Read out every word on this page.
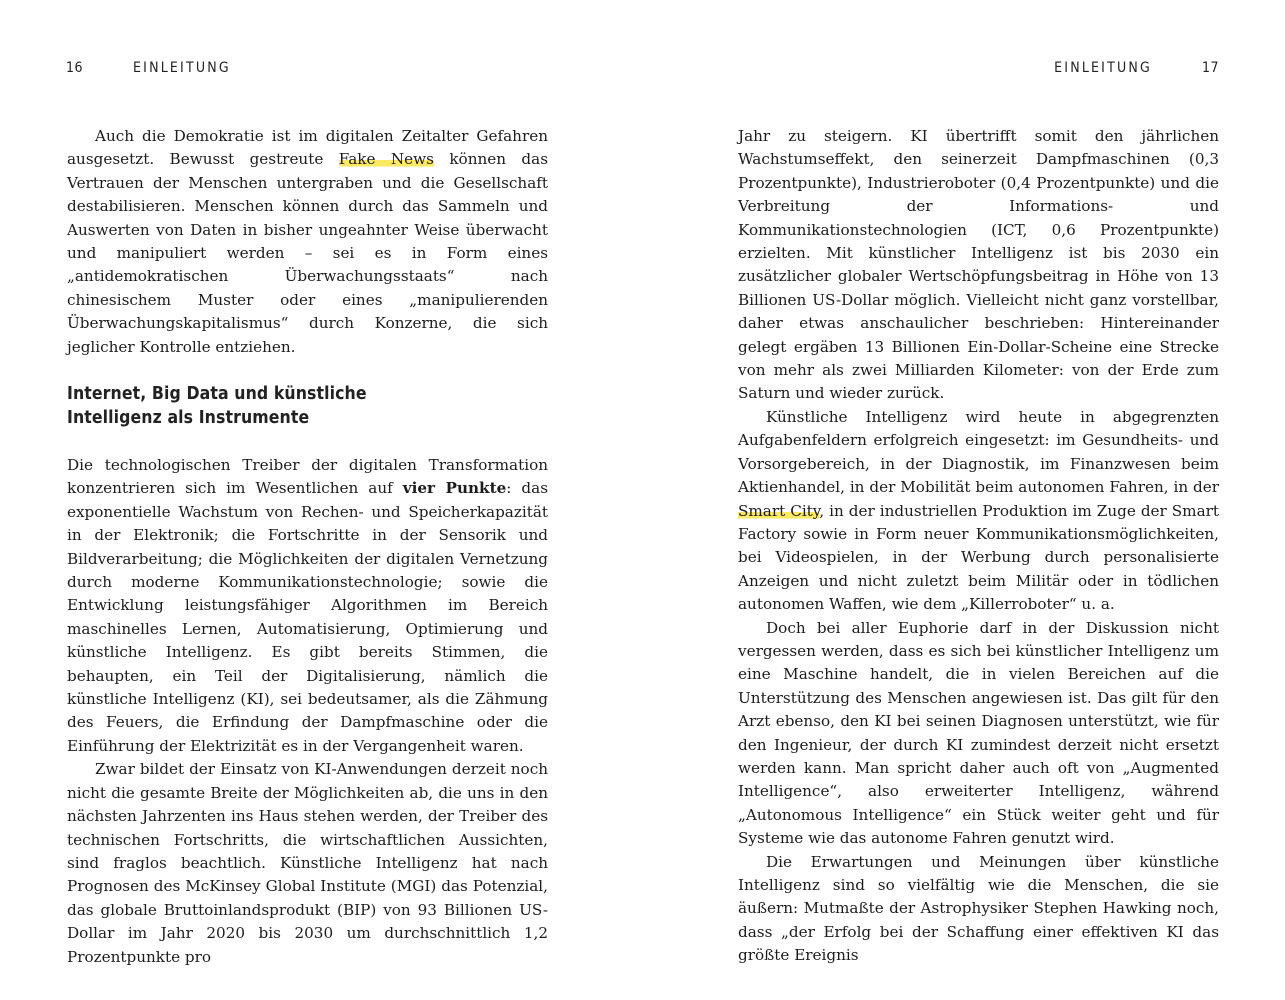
16	EINLEITUNG

Auch die Demokratie ist im digitalen Zeitalter Gefahren ausgesetzt. Bewusst gestreute Fake News können das Vertrauen der Menschen untergraben und die Gesellschaft destabilisieren. Menschen können durch das Sammeln und Auswerten von Daten in bisher ungeahnter Weise überwacht und manipuliert werden – sei es in Form eines „antidemokratischen Überwachungsstaats“ nach chinesischem Muster oder eines „manipulierenden Überwachungskapitalismus“ durch Konzerne, die sich jeglicher Kontrolle entziehen.

Internet, Big Data und künstliche
Intelligenz als Instrumente

Die technologischen Treiber der digitalen Transformation konzentrieren sich im Wesentlichen auf vier Punkte: das exponentielle Wachstum von Rechen- und Speicherkapazität in der Elektronik; die Fortschritte in der Sensorik und Bildverarbeitung; die Möglichkeiten der digitalen Vernetzung durch moderne Kommunikationstechnologie; sowie die Entwicklung leistungsfähiger Algorithmen im Bereich maschinelles Lernen, Automatisierung, Optimierung und künstliche Intelligenz. Es gibt bereits Stimmen, die behaupten, ein Teil der Digitalisierung, nämlich die künstliche Intelligenz (KI), sei bedeutsamer, als die Zähmung des Feuers, die Erfindung der Dampfmaschine oder die Einführung der Elektrizität es in der Vergangenheit waren.

Zwar bildet der Einsatz von KI-Anwendungen derzeit noch nicht die gesamte Breite der Möglichkeiten ab, die uns in den nächsten Jahrzenten ins Haus stehen werden, der Treiber des technischen Fortschritts, die wirtschaftlichen Aussichten, sind fraglos beachtlich. Künstliche Intelligenz hat nach Prognosen des McKinsey Global Institute (MGI) das Potenzial, das globale Bruttoinlandsprodukt (BIP) von 93 Billionen US-Dollar im Jahr 2020 bis 2030 um durchschnittlich 1,2 Prozentpunkte pro

EINLEITUNG	17

Jahr zu steigern. KI übertrifft somit den jährlichen Wachstumseffekt, den seinerzeit Dampfmaschinen (0,3 Prozentpunkte), Industrieroboter (0,4 Prozentpunkte) und die Verbreitung der Informations- und Kommunikationstechnologien (ICT, 0,6 Prozentpunkte) erzielten. Mit künstlicher Intelligenz ist bis 2030 ein zusätzlicher globaler Wertschöpfungsbeitrag in Höhe von 13 Billionen US-Dollar möglich. Vielleicht nicht ganz vorstellbar, daher etwas anschaulicher beschrieben: Hintereinander gelegt ergäben 13 Billionen Ein-Dollar-Scheine eine Strecke von mehr als zwei Milliarden Kilometer: von der Erde zum Saturn und wieder zurück.

Künstliche Intelligenz wird heute in abgegrenzten Aufgabenfeldern erfolgreich eingesetzt: im Gesundheits- und Vorsorgebereich, in der Diagnostik, im Finanzwesen beim Aktienhandel, in der Mobilität beim autonomen Fahren, in der Smart City, in der industriellen Produktion im Zuge der Smart Factory sowie in Form neuer Kommunikationsmöglichkeiten, bei Videospielen, in der Werbung durch personalisierte Anzeigen und nicht zuletzt beim Militär oder in tödlichen autonomen Waffen, wie dem „Killerroboter“ u. a.

Doch bei aller Euphorie darf in der Diskussion nicht vergessen werden, dass es sich bei künstlicher Intelligenz um eine Maschine handelt, die in vielen Bereichen auf die Unterstützung des Menschen angewiesen ist. Das gilt für den Arzt ebenso, den KI bei seinen Diagnosen unterstützt, wie für den Ingenieur, der durch KI zumindest derzeit nicht ersetzt werden kann. Man spricht daher auch oft von „Augmented Intelligence“, also erweiterter Intelligenz, während „Autonomous Intelligence“ ein Stück weiter geht und für Systeme wie das autonome Fahren genutzt wird.

Die Erwartungen und Meinungen über künstliche Intelligenz sind so vielfältig wie die Menschen, die sie äußern: Mutmaßte der Astrophysiker Stephen Hawking noch, dass „der Erfolg bei der Schaffung einer effektiven KI das größte Ereignis
